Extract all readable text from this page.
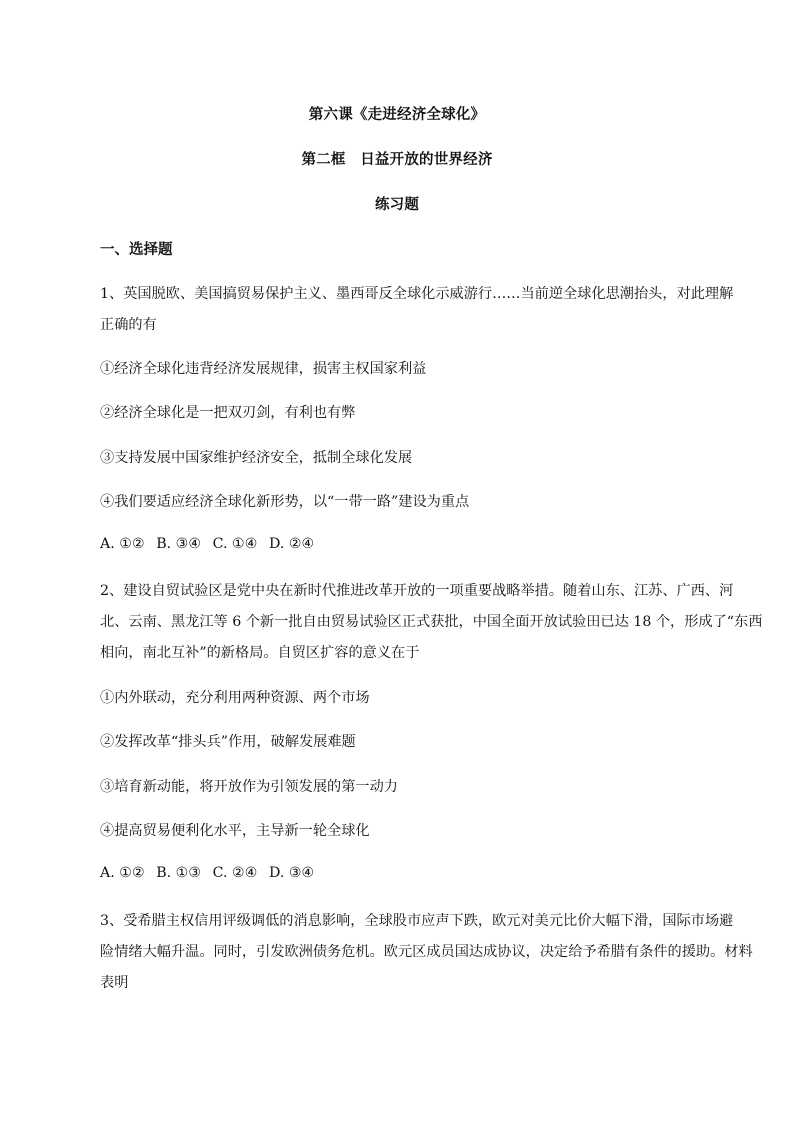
第六课《走进经济全球化》
第二框　日益开放的世界经济
练习题
一、选择题
1、英国脱欧、美国搞贸易保护主义、墨西哥反全球化示威游行……当前逆全球化思潮抬头，对此理解
正确的有
①经济全球化违背经济发展规律，损害主权国家利益
②经济全球化是一把双刃剑，有利也有弊
③支持发展中国家维护经济安全，抵制全球化发展
④我们要适应经济全球化新形势，以“一带一路”建设为重点
A. ①② B. ③④ C. ①④ D. ②④
2、建设自贸试验区是党中央在新时代推进改革开放的一项重要战略举措。随着山东、江苏、广西、河
北、云南、黑龙江等 6 个新一批自由贸易试验区正式获批，中国全面开放试验田已达 18 个，形成了“东西
相向，南北互补”的新格局。自贸区扩容的意义在于
①内外联动，充分利用两种资源、两个市场
②发挥改革“排头兵”作用，破解发展难题
③培育新动能，将开放作为引领发展的第一动力
④提高贸易便利化水平，主导新一轮全球化
A. ①② B. ①③ C. ②④ D. ③④
3、受希腊主权信用评级调低的消息影响，全球股市应声下跌，欧元对美元比价大幅下滑，国际市场避
险情绪大幅升温。同时，引发欧洲债务危机。欧元区成员国达成协议，决定给予希腊有条件的援助。材料
表明
